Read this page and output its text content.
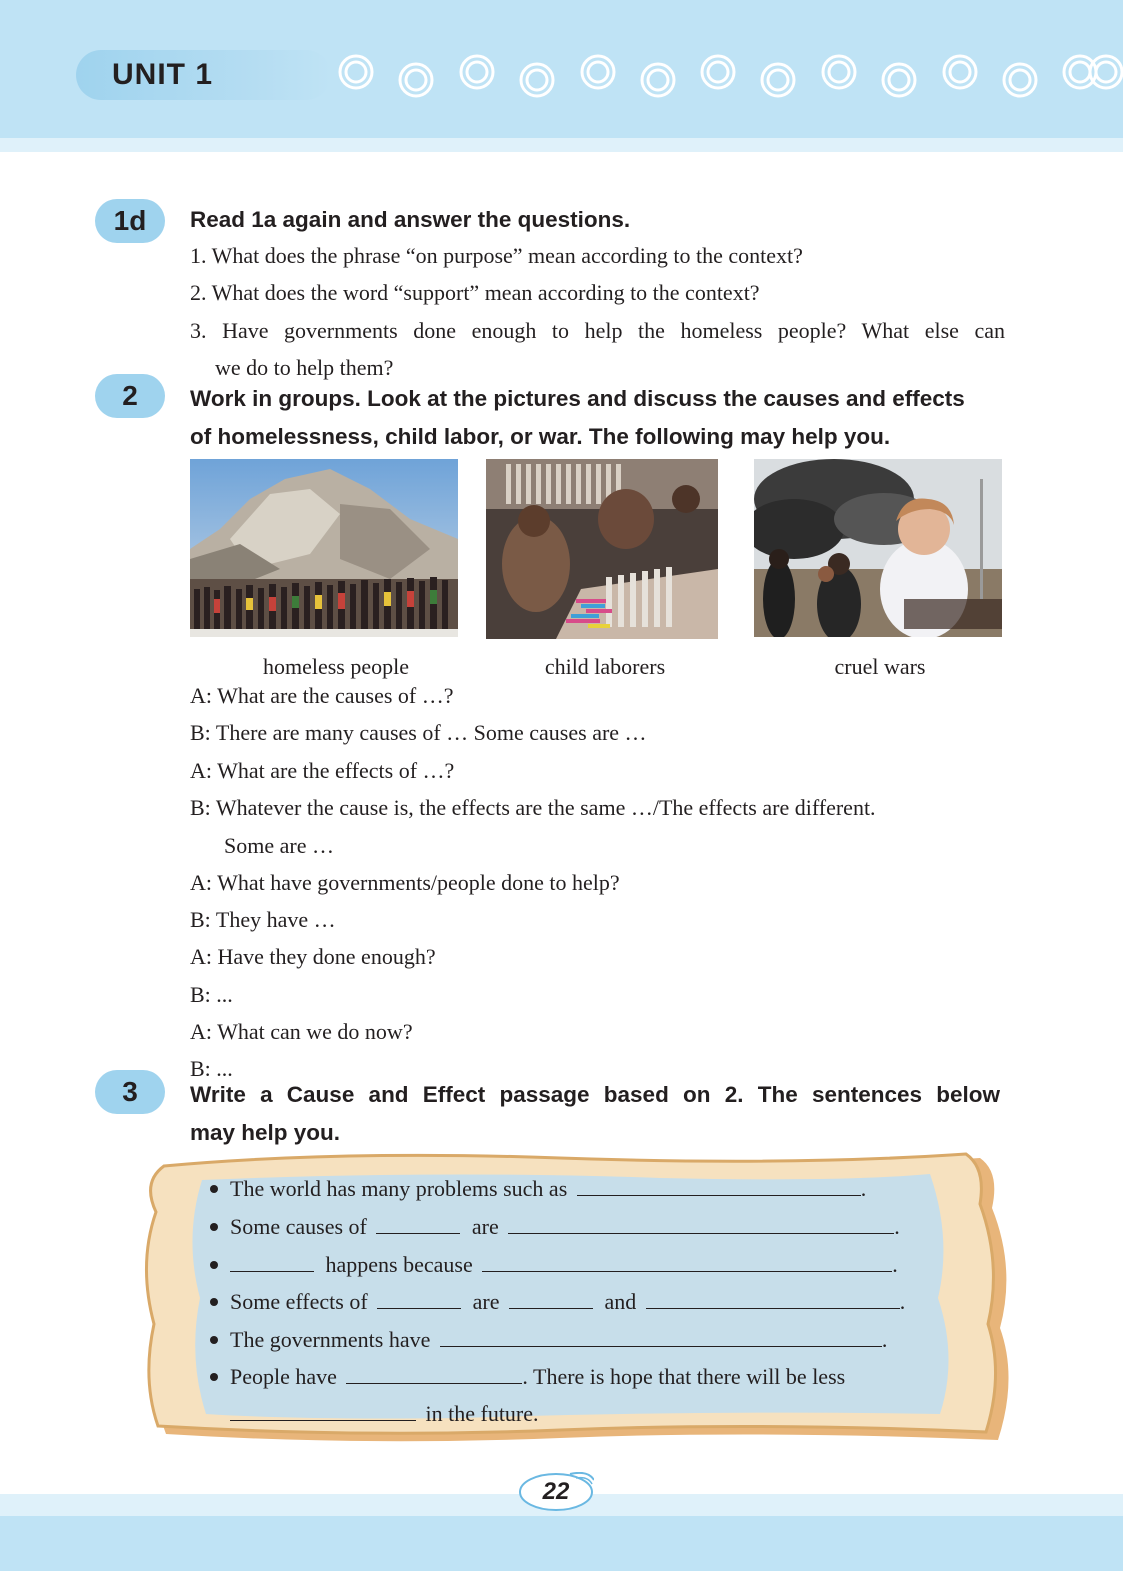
UNIT 1
1d	Read 1a again and answer the questions.
1. What does the phrase “on purpose” mean according to the context?
2. What does the word “support” mean according to the context?
3. Have governments done enough to help the homeless people? What else can
we do to help them?
2	Work in groups. Look at the pictures and discuss the causes and effects
of homelessness, child labor, or war. The following may help you.
homeless people	child laborers	cruel wars
A: What are the causes of …?
B: There are many causes of … Some causes are …
A: What are the effects of …?
B: Whatever the cause is, the effects are the same …/The effects are different.
Some are …
A: What have governments/people done to help?
B: They have …
A: Have they done enough?
B: ...
A: What can we do now?
B: ...
3	Write a Cause and Effect passage based on 2. The sentences below
may help you.
The world has many problems such as	.
Some causes of	are	.
happens because	.
Some effects of	are	and	.
The governments have	.
People have	. There is hope that there will be less
in the future.
22
